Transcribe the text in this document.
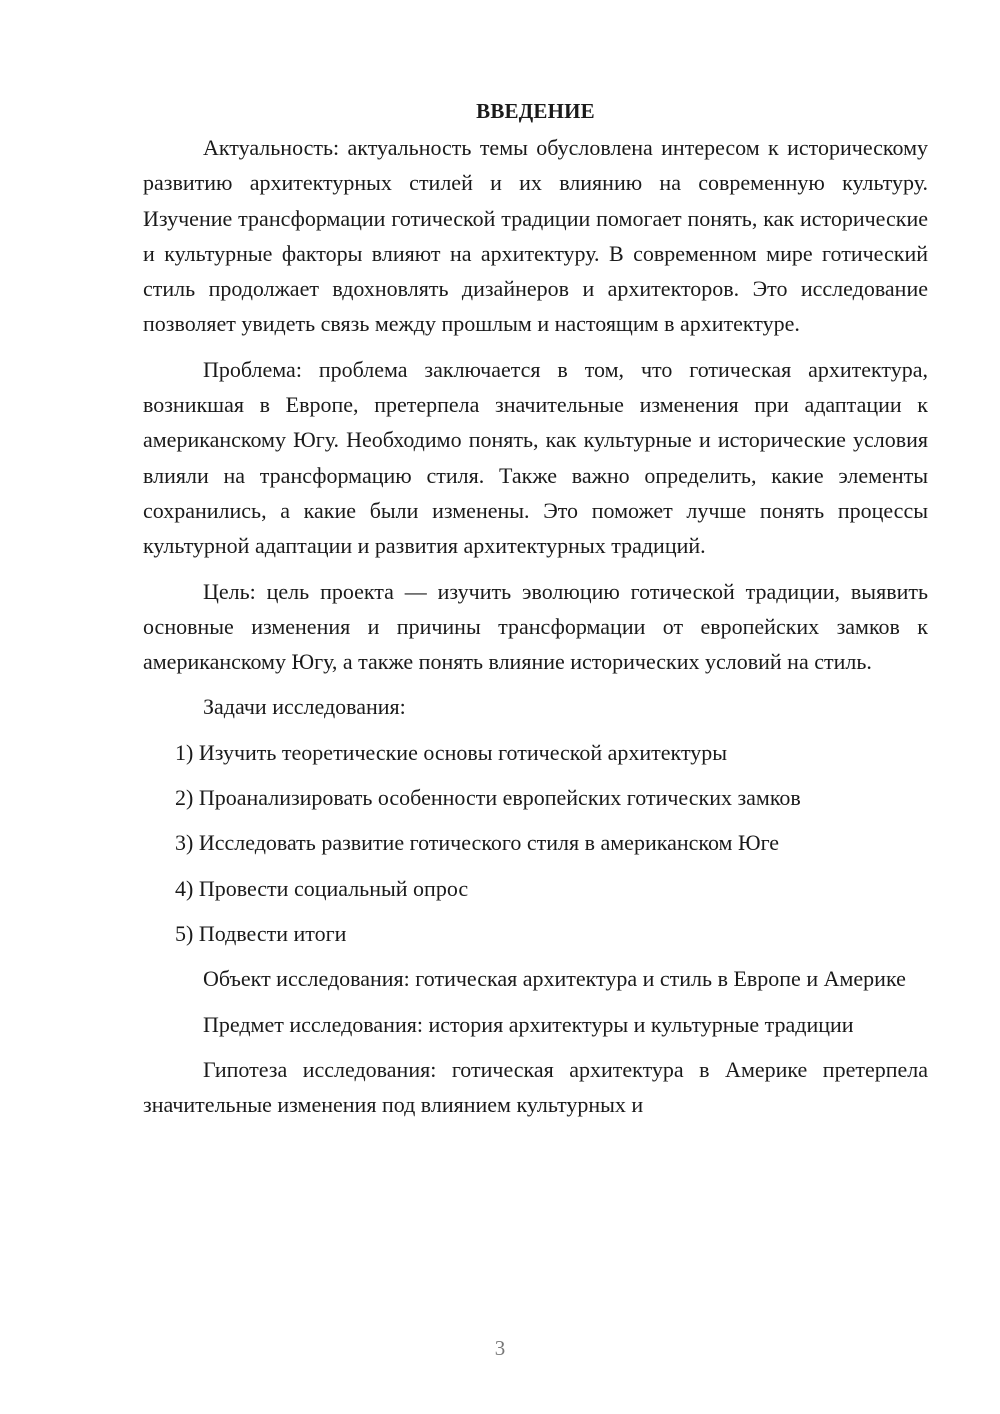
ВВЕДЕНИЕ

Актуальность: актуальность темы обусловлена интересом к историческому развитию архитектурных стилей и их влиянию на современную культуру. Изучение трансформации готической традиции помогает понять, как исторические и культурные факторы влияют на архитектуру. В современном мире готический стиль продолжает вдохновлять дизайнеров и архитекторов. Это исследование позволяет увидеть связь между прошлым и настоящим в архитектуре.

Проблема: проблема заключается в том, что готическая архитектура, возникшая в Европе, претерпела значительные изменения при адаптации к американскому Югу. Необходимо понять, как культурные и исторические условия влияли на трансформацию стиля. Также важно определить, какие элементы сохранились, а какие были изменены. Это поможет лучше понять процессы культурной адаптации и развития архитектурных традиций.

Цель: цель проекта — изучить эволюцию готической традиции, выявить основные изменения и причины трансформации от европейских замков к американскому Югу, а также понять влияние исторических условий на стиль.

Задачи исследования:

1) Изучить теоретические основы готической архитектуры

2) Проанализировать особенности европейских готических замков

3) Исследовать развитие готического стиля в американском Юге

4) Провести социальный опрос

5) Подвести итоги

Объект исследования: готическая архитектура и стиль в Европе и Америке

Предмет исследования: история архитектуры и культурные традиции

Гипотеза исследования: готическая архитектура в Америке претерпела значительные изменения под влиянием культурных и

3
